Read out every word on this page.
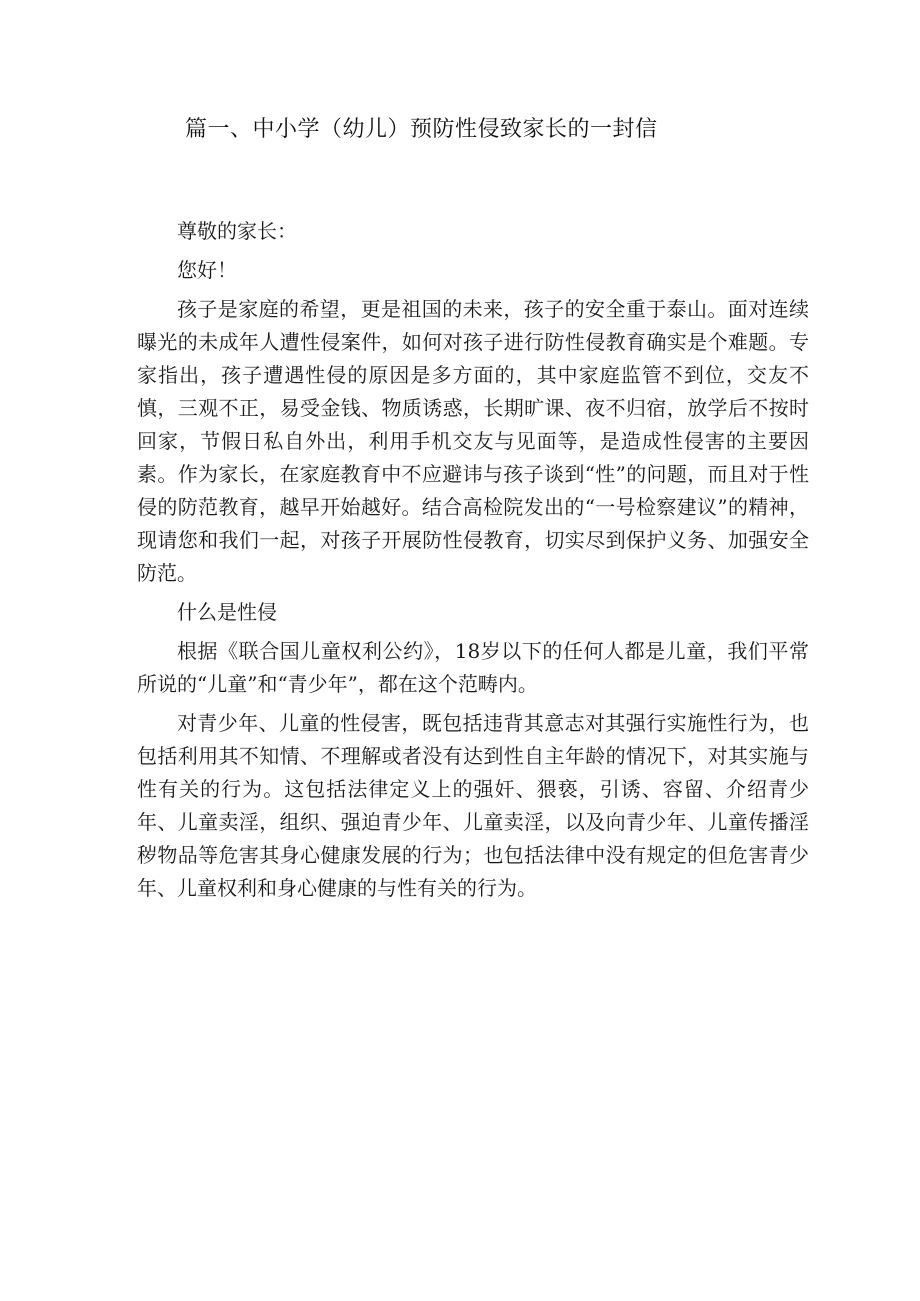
篇一、中小学（幼儿）预防性侵致家长的一封信

尊敬的家长：

您好！

孩子是家庭的希望，更是祖国的未来，孩子的安全重于泰山。面对连续曝光的未成年人遭性侵案件，如何对孩子进行防性侵教育确实是个难题。专家指出，孩子遭遇性侵的原因是多方面的，其中家庭监管不到位，交友不慎，三观不正，易受金钱、物质诱惑，长期旷课、夜不归宿，放学后不按时回家，节假日私自外出，利用手机交友与见面等，是造成性侵害的主要因素。作为家长，在家庭教育中不应避讳与孩子谈到“性”的问题，而且对于性侵的防范教育，越早开始越好。结合高检院发出的“一号检察建议”的精神，现请您和我们一起，对孩子开展防性侵教育，切实尽到保护义务、加强安全防范。

什么是性侵

根据《联合国儿童权利公约》，18岁以下的任何人都是儿童，我们平常所说的“儿童”和“青少年”，都在这个范畴内。

对青少年、儿童的性侵害，既包括违背其意志对其强行实施性行为，也包括利用其不知情、不理解或者没有达到性自主年龄的情况下，对其实施与性有关的行为。这包括法律定义上的强奸、猥亵，引诱、容留、介绍青少年、儿童卖淫，组织、强迫青少年、儿童卖淫，以及向青少年、儿童传播淫秽物品等危害其身心健康发展的行为；也包括法律中没有规定的但危害青少年、儿童权利和身心健康的与性有关的行为。
